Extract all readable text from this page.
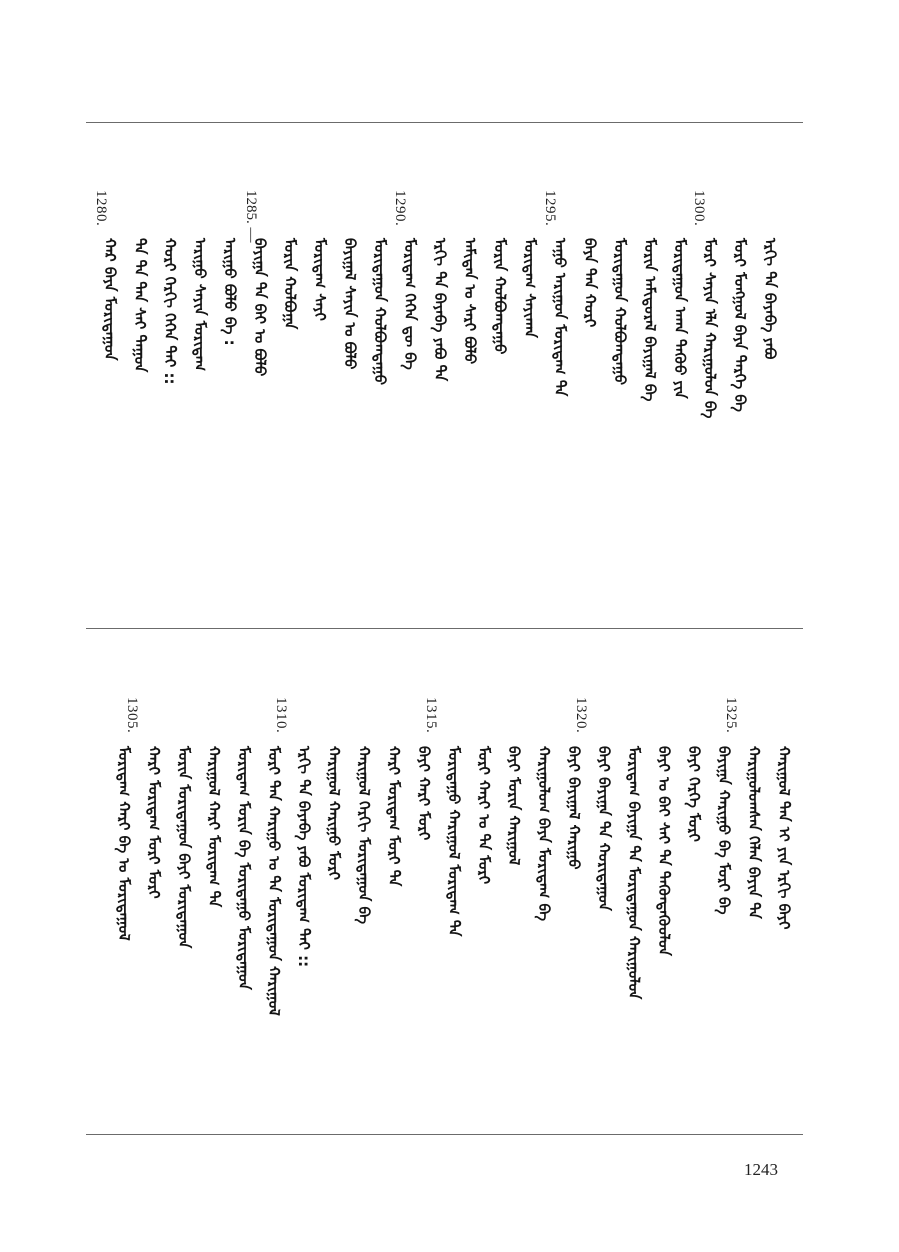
1300.
1295.
1290.
1285. —
1280.
ᠡᠷᠬᠢ ᠲᠠ ᠪᠡᠶᠡᠪᠡ ᠶᠠᠪᠤ
ᠮᠣᠷᠢ ᠮᠣᠩᠭᠣᠯ ᠪᠡᠶᠡ ᠲᠡᠷᠭᠡ ᠪᠡ
ᠮᠣᠷᠢ ᠰᠠᠶᠢᠨ ᠡᠯᠡ ᠬᠠᠷᠢᠭᠤᠯᠤᠨ ᠪᠡ
ᠮᠣᠷᠢᠳᠠᠭᠤᠨ ᠠᠬᠠ ᠳᠡᠭᠦᠦ ᠶᠢᠨ
ᠮᠣᠷᠢᠨ ᠠᠮᠢᠳᠤᠷᠠᠯ ᠪᠠᠶᠢᠭᠠᠯ ᠪᠡ
ᠮᠣᠷᠢᠳᠠᠭᠤᠨ ᠬᠣᠯᠪᠤᠭᠳᠠᠭᠤ
ᠪᠡᠶᠡ ᠲᠠᠨ ᠬᠣᠷᠢ
ᠠᠭᠤ ᠠᠷᠢᠭᠤᠨ ᠮᠣᠷᠢᠳᠠᠭ ᠲᠠ
ᠮᠣᠷᠢᠳᠠᠭ ᠰᠠᠶᠢᠬᠠᠨ
ᠮᠣᠷᠢᠨ ᠬᠣᠯᠪᠤᠭᠳᠠᠭᠤ
ᠠᠮᠢᠳᠠᠨ ᠤ ᠰᠡᠷᠢ ᠪᠣᠯᠤ
ᠡᠷᠬᠢ ᠲᠠ ᠪᠡᠶᠡᠪᠡ ᠶᠠᠪᠤ ᠲᠠ
ᠮᠣᠷᠢᠳᠠᠭ ᠭᠡᠭᠡᠨ ᠳᠦ ᠪᠡ
ᠮᠣᠷᠢᠳᠠᠭᠤᠨ ᠬᠣᠯᠪᠤᠭᠳᠠᠭᠤ
ᠪᠠᠶᠢᠭᠠᠯ ᠰᠠᠶᠢᠨ ᠤ ᠪᠣᠯᠤ
ᠮᠣᠷᠢᠳᠠᠭ ᠰᠠᠶᠢ
ᠮᠣᠷᠢᠨ ᠬᠣᠯᠪᠣᠭᠠ
ᠪᠠᠶᠢᠭᠠ ᠲᠠ ᠪᠠᠢ ᠤ ᠪᠣᠯᠤ
ᠠᠷᠢᠭᠤ ᠪᠣᠯᠤ ᠪᠡ :
ᠠᠷᠢᠭᠤ ᠰᠠᠶᠢᠨ ᠮᠣᠷᠢᠳᠠᠭ
ᠬᠣᠷᠢ ᠬᠡᠷᠬᠢ ᠭᠡᠭᠡᠨ ᠲᠠᠢ ::
ᠲᠠ ᠲᠠ ᠲᠠᠨ ᠰᠠᠢ ᠳᠠᠭᠤᠨ
ᠬᠠᠷ ᠪᠡᠶᠡ ᠮᠣᠷᠢᠳᠠᠭᠤᠨ
1325.
1320.
1315.
1310.
1305.
ᠬᠠᠷᠢᠭᠤᠯ ᠲᠠᠨ ᠢ ᠶᠢᠨ ᠡᠷᠬᠢ ᠪᠠᠶᠢ
ᠬᠠᠷᠢᠭᠤᠯᠤᠭᠰᠠᠨ ᠬᠡᠯᠡᠨ ᠪᠠᠶᠢᠨ ᠲᠠ
ᠪᠠᠶᠢᠭᠠ ᠬᠠᠷᠢᠭᠤ ᠪᠡ ᠮᠣᠷᠢ ᠪᠡ
ᠪᠠᠶᠢ ᠬᠡᠷᠭᠡ ᠮᠣᠷᠢ
ᠪᠠᠶᠢ ᠤ ᠪᠠᠶ ᠰᠠᠶ ᠲᠠ ᠲᠡᠭᠦᠨᠳᠡᠭᠦᠦᠯᠦᠨ
ᠮᠣᠷᠢᠳᠠᠭ ᠪᠠᠶᠢᠭᠠ ᠲᠠ ᠮᠣᠷᠢᠳᠠᠭᠤᠨ ᠬᠠᠷᠢᠭᠤᠯᠤᠨ
ᠪᠠᠶᠢ ᠪᠠᠶᠢᠭᠠ ᠲᠠ ᠬᠣᠷᠢᠳᠠᠭᠤᠨ
ᠪᠠᠶᠢ ᠪᠠᠶᠢᠭᠠᠯ ᠬᠠᠷᠢᠭᠤ
ᠬᠠᠷᠢᠭᠤᠯᠤᠭ ᠪᠡᠶᠡ ᠮᠣᠷᠢᠳᠠᠭ ᠪᠡ
ᠪᠠᠶᠢ ᠮᠣᠷᠢᠨ ᠬᠠᠷᠢᠭᠤᠯ
ᠮᠣᠷᠢ ᠬᠠᠷᠢ ᠤ ᠲᠠ ᠮᠣᠷᠢ
ᠮᠣᠷᠢᠳᠠᠭᠤ ᠬᠠᠷᠢᠭᠤᠯ ᠮᠣᠷᠢᠳᠠᠭ ᠲᠠ
ᠪᠠᠶᠢ ᠬᠠᠷᠢ ᠮᠣᠷᠢ
ᠬᠠᠷᠢ ᠮᠣᠷᠢᠳᠠᠭ ᠮᠣᠷᠢ ᠲᠠ
ᠬᠠᠷᠢᠭᠤᠯ ᠬᠡᠷᠬᠢ ᠮᠣᠷᠢᠳᠠᠭᠤᠨ ᠪᠡ
ᠬᠠᠷᠢᠭᠤᠯ ᠬᠠᠷᠢᠭᠤ ᠮᠣᠷᠢ
ᠡᠷᠬᠢ ᠲᠠ ᠪᠡᠶᠡᠪᠡ ᠶᠠᠪᠤ ᠮᠣᠷᠢᠳᠠᠭ ᠲᠠᠢ ::
ᠮᠣᠷᠢ ᠲᠠᠨ ᠬᠠᠷᠢᠭᠤ ᠤ ᠲᠠ ᠮᠣᠷᠢᠳᠠᠭᠤᠨ ᠬᠠᠷᠢᠭᠤᠯ
ᠮᠣᠷᠢᠳᠠᠭ ᠮᠣᠷᠢᠨ ᠪᠡ ᠮᠣᠷᠢᠳᠠᠭᠤ ᠮᠣᠷᠢᠳᠠᠭᠤᠨ
ᠬᠠᠷᠢᠭᠤᠯ ᠬᠠᠷᠢ ᠮᠣᠷᠢᠳᠠᠭ ᠲᠠ
ᠮᠣᠷᠢᠨ ᠮᠣᠷᠢᠳᠠᠭᠤᠨ ᠪᠠᠶᠢ ᠮᠣᠷᠢᠳᠠᠭᠤᠨ
ᠬᠠᠷᠢ ᠮᠣᠷᠢᠳᠠᠭ ᠮᠣᠷᠢ ᠮᠣᠷᠢ
ᠮᠣᠷᠢᠳᠠᠭ ᠬᠠᠷᠢ ᠪᠡ ᠤ ᠮᠣᠷᠢᠳᠠᠭᠤᠯ
1243
